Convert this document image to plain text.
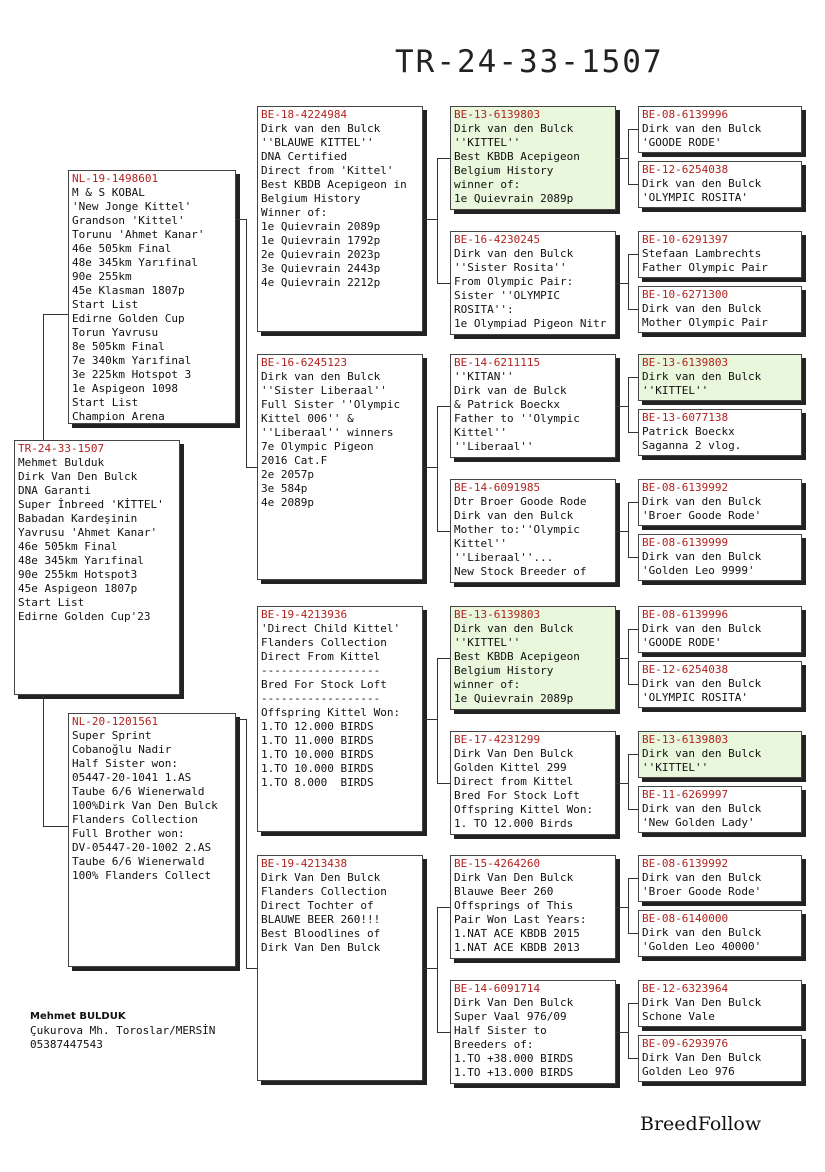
TR-24-33-1507
TR-24-33-1507
Mehmet Bulduk
Dirk Van Den Bulck
DNA Garanti
Super İnbreed 'KİTTEL'
Babadan Kardeşinin
Yavrusu 'Ahmet Kanar'
46e 505km Final
48e 345km Yarıfinal
90e 255km Hotspot3
45e Aspigeon 1807p
Start List
Edirne Golden Cup'23
NL-19-1498601
M & S KOBAL
'New Jonge Kittel'
Grandson 'Kittel'
Torunu 'Ahmet Kanar'
46e 505km Final
48e 345km Yarıfinal
90e 255km
45e Klasman 1807p
Start List
Edirne Golden Cup
Torun Yavrusu
8e 505km Final
7e 340km Yarıfinal
3e 225km Hotspot 3
1e Aspigeon 1098
Start List
Champion Arena
NL-20-1201561
Super Sprint
Cobanoğlu Nadir
Half Sister won:
05447-20-1041 1.AS
Taube 6/6 Wienerwald
100%Dirk Van Den Bulck
Flanders Collection
Full Brother won:
DV-05447-20-1002 2.AS
Taube 6/6 Wienerwald
100% Flanders Collect
BE-18-4224984
Dirk van den Bulck
''BLAUWE KITTEL''
DNA Certified
Direct from 'Kittel'
Best KBDB Acepigeon in
Belgium History
Winner of:
1e Quievrain 2089p
1e Quievrain 1792p
2e Quievrain 2023p
3e Quievrain 2443p
4e Quievrain 2212p
BE-16-6245123
Dirk van den Bulck
''Sister Liberaal''
Full Sister ''Olympic
Kittel 006'' &
''Liberaal'' winners
7e Olympic Pigeon
2016 Cat.F
2e 2057p
3e 584p
4e 2089p
BE-19-4213936
'Direct Child Kittel'
Flanders Collection
Direct From Kittel
------------------
Bred For Stock Loft
------------------
Offspring Kittel Won:
1.TO 12.000 BIRDS
1.TO 11.000 BIRDS
1.TO 10.000 BIRDS
1.TO 10.000 BIRDS
1.TO 8.000  BIRDS
BE-19-4213438
Dirk Van Den Bulck
Flanders Collection
Direct Tochter of
BLAUWE BEER 260!!!
Best Bloodlines of
Dirk Van Den Bulck
BE-13-6139803
Dirk van den Bulck
''KITTEL''
Best KBDB Acepigeon
Belgium History
winner of:
1e Quievrain 2089p
BE-16-4230245
Dirk van den Bulck
''Sister Rosita''
From Olympic Pair:
Sister ''OLYMPIC
ROSITA'':
1e Olympiad Pigeon Nitr
BE-14-6211115
''KITAN''
Dirk van de Bulck
& Patrick Boeckx
Father to ''Olympic
Kittel''
''Liberaal''
BE-14-6091985
Dtr Broer Goode Rode
Dirk van den Bulck
Mother to:''Olympic
Kittel''
''Liberaal''...
New Stock Breeder of
BE-13-6139803
Dirk van den Bulck
''KITTEL''
Best KBDB Acepigeon
Belgium History
winner of:
1e Quievrain 2089p
BE-17-4231299
Dirk Van Den Bulck
Golden Kittel 299
Direct from Kittel
Bred For Stock Loft
Offspring Kittel Won:
1. TO 12.000 Birds
BE-15-4264260
Dirk Van Den Bulck
Blauwe Beer 260
Offsprings of This
Pair Won Last Years:
1.NAT ACE KBDB 2015
1.NAT ACE KBDB 2013
BE-14-6091714
Dirk Van Den Bulck
Super Vaal 976/09
Half Sister to
Breeders of:
1.TO +38.000 BIRDS
1.TO +13.000 BIRDS
BE-08-6139996
Dirk van den Bulck
'GOODE RODE'
BE-12-6254038
Dirk van den Bulck
'OLYMPIC ROSITA'
BE-10-6291397
Stefaan Lambrechts
Father Olympic Pair
BE-10-6271300
Dirk van den Bulck
Mother Olympic Pair
BE-13-6139803
Dirk van den Bulck
''KITTEL''
BE-13-6077138
Patrick Boeckx
Saganna 2 vlog.
BE-08-6139992
Dirk van den Bulck
'Broer Goode Rode'
BE-08-6139999
Dirk van den Bulck
'Golden Leo 9999'
BE-08-6139996
Dirk van den Bulck
'GOODE RODE'
BE-12-6254038
Dirk van den Bulck
'OLYMPIC ROSITA'
BE-13-6139803
Dirk van den Bulck
''KITTEL''
BE-11-6269997
Dirk van den Bulck
'New Golden Lady'
BE-08-6139992
Dirk van den Bulck
'Broer Goode Rode'
BE-08-6140000
Dirk van den Bulck
'Golden Leo 40000'
BE-12-6323964
Dirk Van Den Bulck
Schone Vale
BE-09-6293976
Dirk Van Den Bulck
Golden Leo 976
Mehmet BULDUK
Çukurova Mh. Toroslar/MERSİN
05387447543
BreedFollow
